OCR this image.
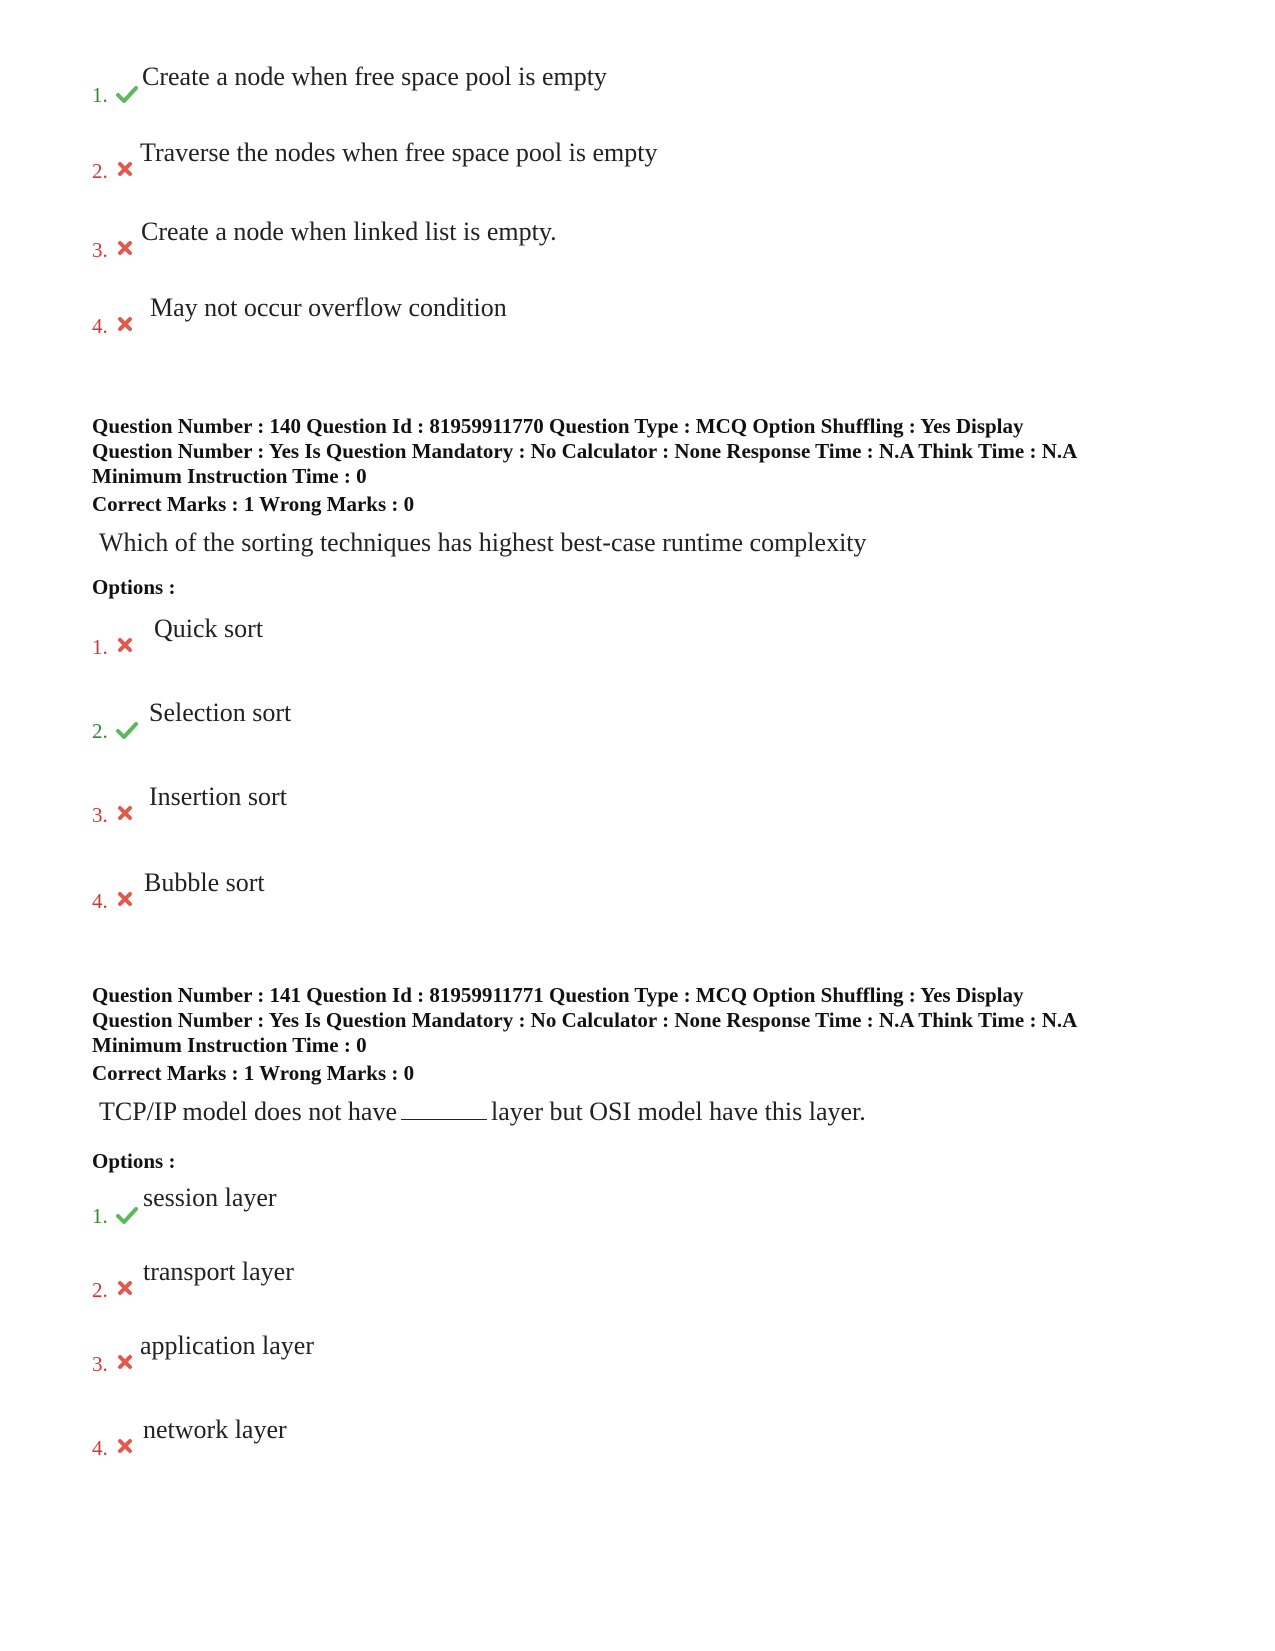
1.
Create a node when free space pool is empty
2.
Traverse the nodes when free space pool is empty
3.
Create a node when linked list is empty.
4.
May not occur overflow condition

Question Number : 140 Question Id : 81959911770 Question Type : MCQ Option Shuffling : Yes Display

Question Number : Yes Is Question Mandatory : No Calculator : None Response Time : N.A Think Time : N.A

Minimum Instruction Time : 0

Correct Marks : 1 Wrong Marks : 0
Which of the sorting techniques has highest best-case runtime complexity
Options :
1.
Quick sort
2.
Selection sort
3.
Insertion sort
4.
Bubble sort

Question Number : 141 Question Id : 81959911771 Question Type : MCQ Option Shuffling : Yes Display

Question Number : Yes Is Question Mandatory : No Calculator : None Response Time : N.A Think Time : N.A

Minimum Instruction Time : 0

Correct Marks : 1 Wrong Marks : 0
TCP/IP model does not have	layer but OSI model have this layer.
Options :
1.
session layer
2.
transport layer
3.
application layer
4.
network layer
